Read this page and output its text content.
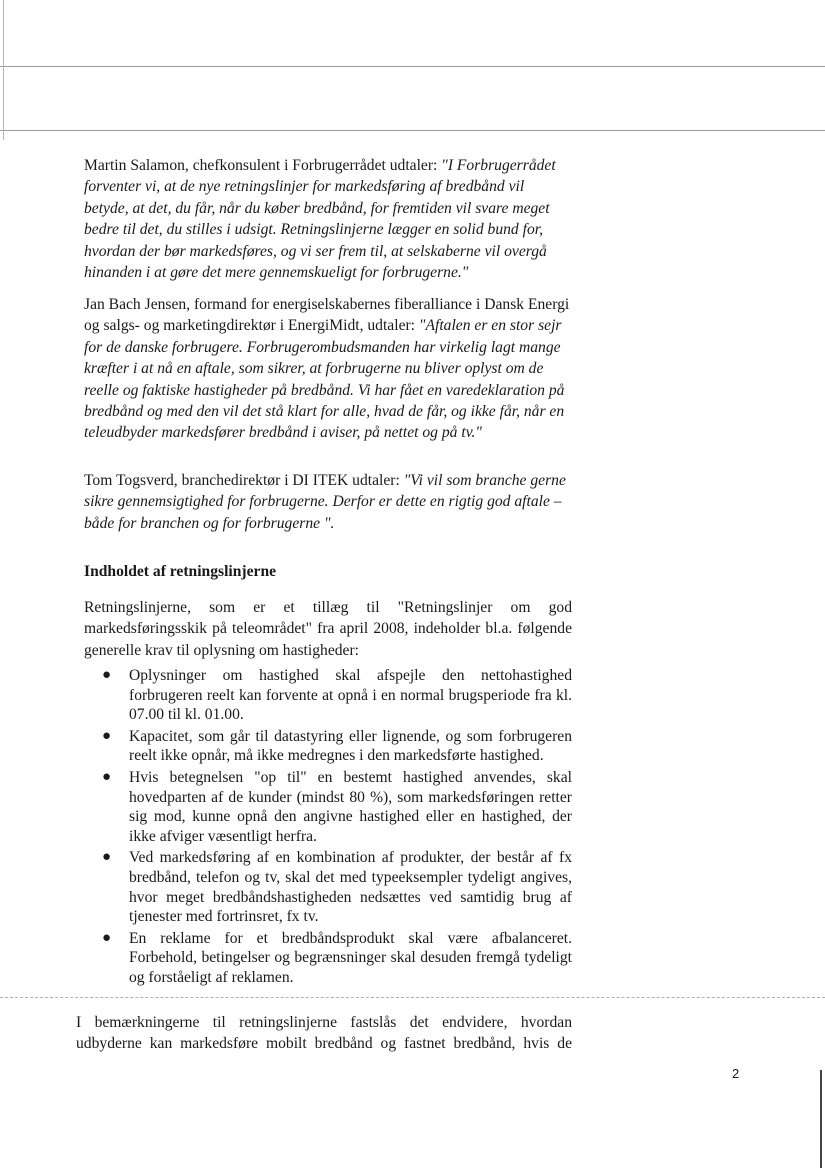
Martin Salamon, chefkonsulent i Forbrugerrådet udtaler: "I Forbrugerrådet forventer vi, at de nye retningslinjer for markedsføring af bredbånd vil betyde, at det, du får, når du køber bredbånd, for fremtiden vil svare meget bedre til det, du stilles i udsigt. Retningslinjerne lægger en solid bund for, hvordan der bør markedsføres, og vi ser frem til, at selskaberne vil overgå hinanden i at gøre det mere gennemskueligt for forbrugerne."
Jan Bach Jensen, formand for energiselskabernes fiberalliance i Dansk Energi og salgs- og marketingdirektør i EnergiMidt, udtaler: "Aftalen er en stor sejr for de danske forbrugere. Forbrugerombudsmanden har virkelig lagt mange kræfter i at nå en aftale, som sikrer, at forbrugerne nu bliver oplyst om de reelle og faktiske hastigheder på bredbånd. Vi har fået en varedeklaration på bredbånd og med den vil det stå klart for alle, hvad de får, og ikke får, når en teleudbyder markedsfører bredbånd i aviser, på nettet og på tv."
Tom Togsverd, branchedirektør i DI ITEK udtaler: "Vi vil som branche gerne sikre gennemsigtighed for forbrugerne. Derfor er dette en rigtig god aftale – både for branchen og for forbrugerne ".
Indholdet af retningslinjerne
Retningslinjerne, som er et tillæg til "Retningslinjer om god markedsføringsskik på teleområdet" fra april 2008, indeholder bl.a. følgende generelle krav til oplysning om hastigheder:
● Oplysninger om hastighed skal afspejle den nettohastighed forbrugeren reelt kan forvente at opnå i en normal brugsperiode fra kl. 07.00 til kl. 01.00.
● Kapacitet, som går til datastyring eller lignende, og som forbrugeren reelt ikke opnår, må ikke medregnes i den markedsførte hastighed.
● Hvis betegnelsen "op til" en bestemt hastighed anvendes, skal hovedparten af de kunder (mindst 80 %), som markedsføringen retter sig mod, kunne opnå den angivne hastighed eller en hastighed, der ikke afviger væsentligt herfra.
● Ved markedsføring af en kombination af produkter, der består af fx bredbånd, telefon og tv, skal det med typeeksempler tydeligt angives, hvor meget bredbåndshastigheden nedsættes ved samtidig brug af tjenester med fortrinsret, fx tv.
● En reklame for et bredbåndsprodukt skal være afbalanceret. Forbehold, betingelser og begrænsninger skal desuden fremgå tydeligt og forståeligt af reklamen.
I bemærkningerne til retningslinjerne fastslås det endvidere, hvordan udbyderne kan markedsføre mobilt bredbånd og fastnet bredbånd, hvis de
2
